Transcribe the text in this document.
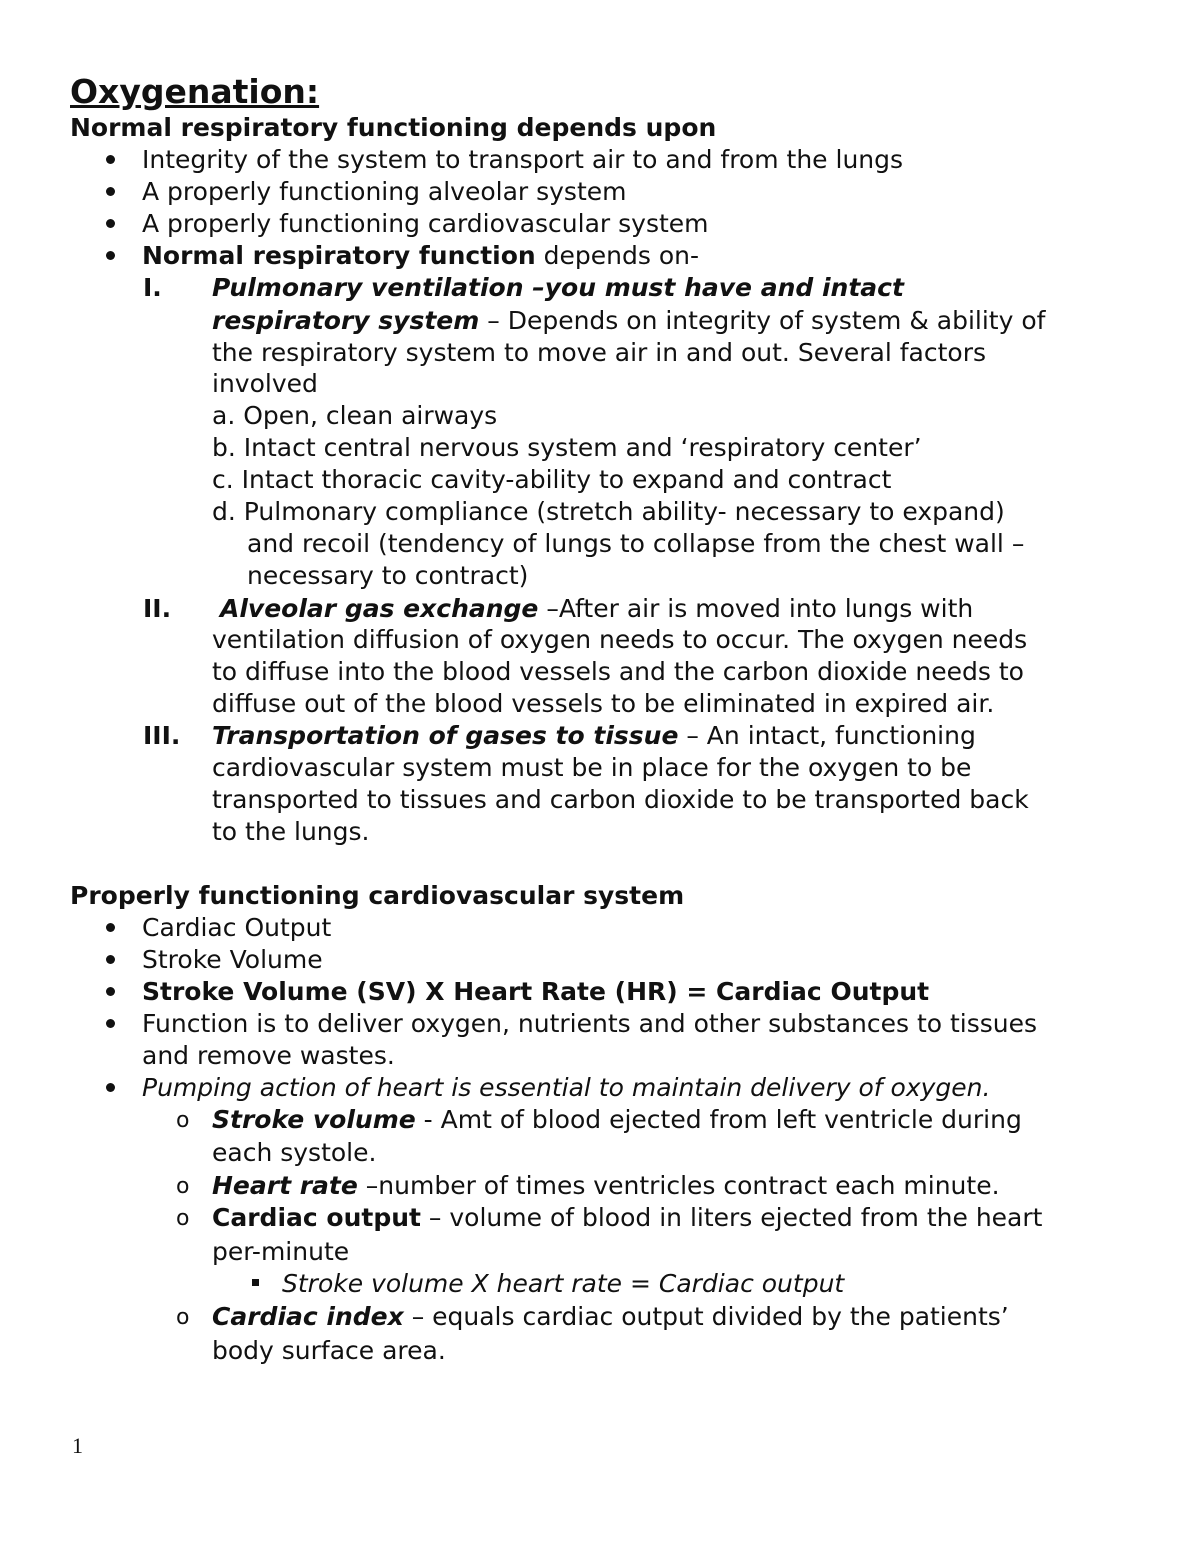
Oxygenation:
Normal respiratory functioning depends upon
Integrity of the system to transport air to and from the lungs
A properly functioning alveolar system
A properly functioning cardiovascular system
Normal respiratory function depends on-
I. Pulmonary ventilation –you must have and intact
respiratory system – Depends on integrity of system & ability of
the respiratory system to move air in and out. Several factors
involved
a. Open, clean airways
b. Intact central nervous system and ‘respiratory center’
c. Intact thoracic cavity-ability to expand and contract
d. Pulmonary compliance (stretch ability- necessary to expand)
and recoil (tendency of lungs to collapse from the chest wall –
necessary to contract)
II. Alveolar gas exchange –After air is moved into lungs with
ventilation diffusion of oxygen needs to occur. The oxygen needs
to diffuse into the blood vessels and the carbon dioxide needs to
diffuse out of the blood vessels to be eliminated in expired air.
III. Transportation of gases to tissue – An intact, functioning
cardiovascular system must be in place for the oxygen to be
transported to tissues and carbon dioxide to be transported back
to the lungs.
Properly functioning cardiovascular system
Cardiac Output
Stroke Volume
Stroke Volume (SV) X Heart Rate (HR) = Cardiac Output
Function is to deliver oxygen, nutrients and other substances to tissues
and remove wastes.
Pumping action of heart is essential to maintain delivery of oxygen.
o Stroke volume - Amt of blood ejected from left ventricle during
each systole.
o Heart rate –number of times ventricles contract each minute.
o Cardiac output – volume of blood in liters ejected from the heart
per-minute
Stroke volume X heart rate = Cardiac output
o Cardiac index – equals cardiac output divided by the patients’
body surface area.
1
